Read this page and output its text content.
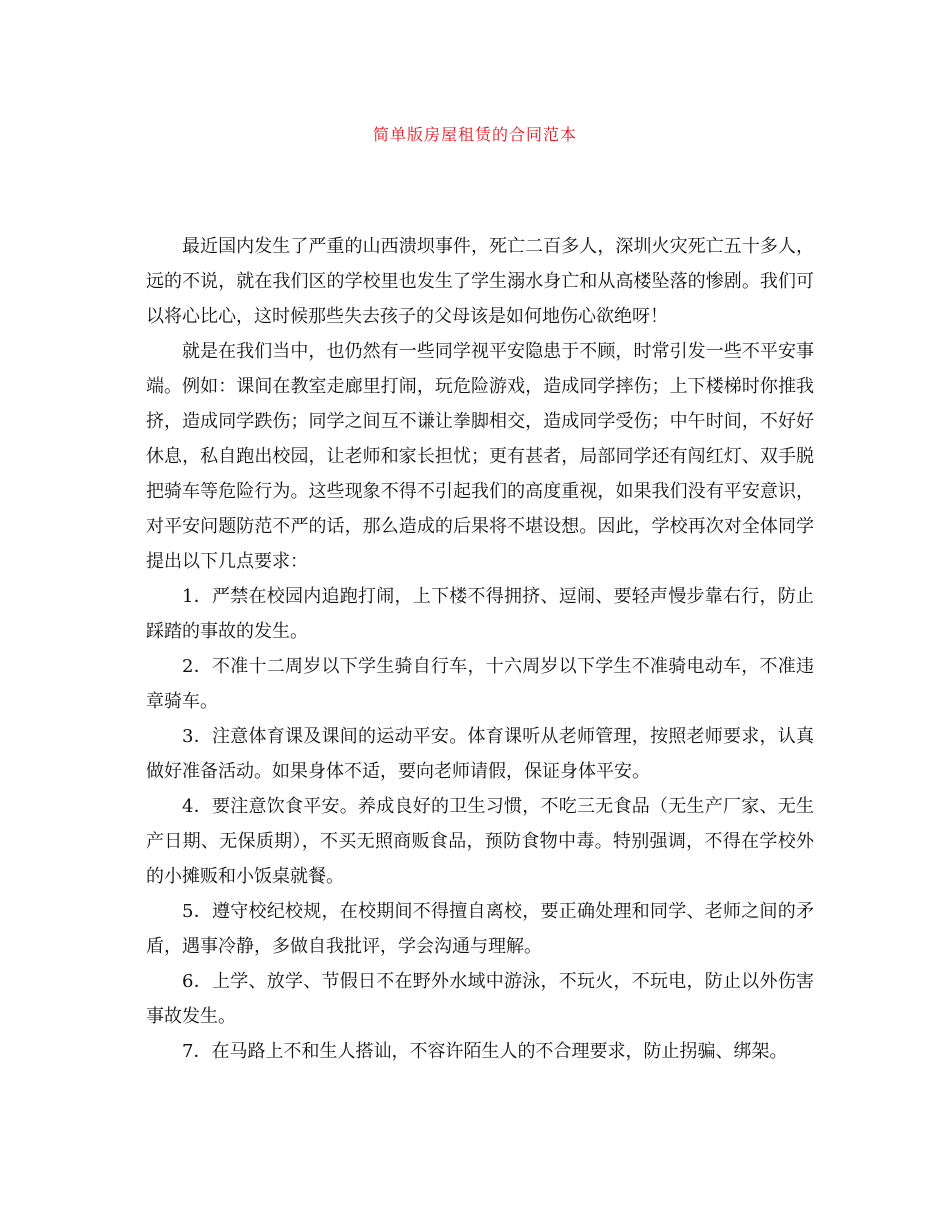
简单版房屋租赁的合同范本

最近国内发生了严重的山西溃坝事件，死亡二百多人，深圳火灾死亡五十多人，远的不说，就在我们区的学校里也发生了学生溺水身亡和从高楼坠落的惨剧。我们可以将心比心，这时候那些失去孩子的父母该是如何地伤心欲绝呀！

就是在我们当中，也仍然有一些同学视平安隐患于不顾，时常引发一些不平安事端。例如：课间在教室走廊里打闹，玩危险游戏，造成同学摔伤；上下楼梯时你推我挤，造成同学跌伤；同学之间互不谦让拳脚相交，造成同学受伤；中午时间，不好好休息，私自跑出校园，让老师和家长担忧；更有甚者，局部同学还有闯红灯、双手脱把骑车等危险行为。这些现象不得不引起我们的高度重视，如果我们没有平安意识，对平安问题防范不严的话，那么造成的后果将不堪设想。因此，学校再次对全体同学提出以下几点要求：

1．严禁在校园内追跑打闹，上下楼不得拥挤、逗闹、要轻声慢步靠右行，防止踩踏的事故的发生。

2．不准十二周岁以下学生骑自行车，十六周岁以下学生不准骑电动车，不准违章骑车。

3．注意体育课及课间的运动平安。体育课听从老师管理，按照老师要求，认真做好准备活动。如果身体不适，要向老师请假，保证身体平安。

4．要注意饮食平安。养成良好的卫生习惯，不吃三无食品（无生产厂家、无生产日期、无保质期），不买无照商贩食品，预防食物中毒。特别强调，不得在学校外的小摊贩和小饭桌就餐。

5．遵守校纪校规，在校期间不得擅自离校，要正确处理和同学、老师之间的矛盾，遇事冷静，多做自我批评，学会沟通与理解。

6．上学、放学、节假日不在野外水域中游泳，不玩火，不玩电，防止以外伤害事故发生。

7．在马路上不和生人搭讪，不容许陌生人的不合理要求，防止拐骗、绑架。
